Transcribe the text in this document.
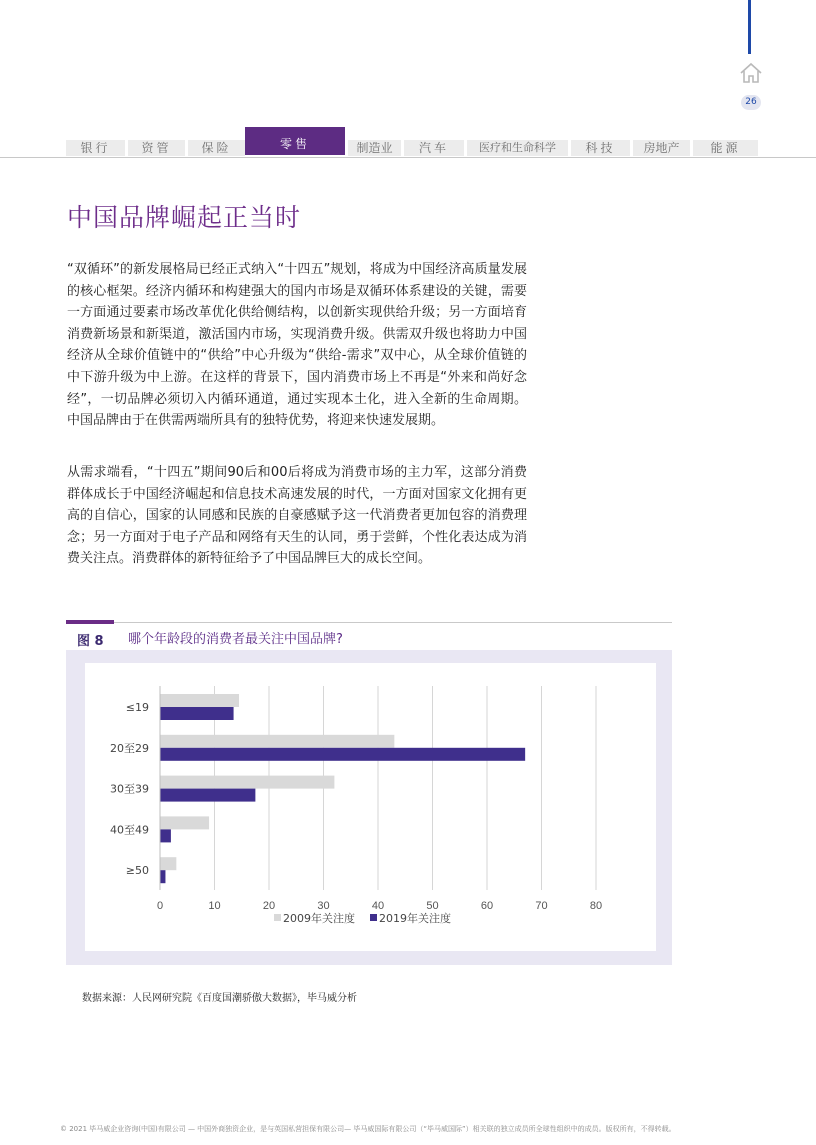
26
银行	资管	保险	零售	制造业	汽车	医疗和生命科学	科技	房地产	能源
中国品牌崛起正当时
“双循环”的新发展格局已经正式纳入“十四五”规划，将成为中国经济高质量发展的核心框架。经济内循环和构建强大的国内市场是双循环体系建设的关键，需要一方面通过要素市场改革优化供给侧结构，以创新实现供给升级；另一方面培育消费新场景和新渠道，激活国内市场，实现消费升级。供需双升级也将助力中国经济从全球价值链中的“供给”中心升级为“供给-需求”双中心，从全球价值链的中下游升级为中上游。在这样的背景下，国内消费市场上不再是“外来和尚好念经”，一切品牌必须切入内循环通道，通过实现本土化，进入全新的生命周期。中国品牌由于在供需两端所具有的独特优势，将迎来快速发展期。
从需求端看，“十四五”期间90后和00后将成为消费市场的主力军，这部分消费群体成长于中国经济崛起和信息技术高速发展的时代，一方面对国家文化拥有更高的自信心，国家的认同感和民族的自豪感赋予这一代消费者更加包容的消费理念；另一方面对于电子产品和网络有天生的认同，勇于尝鲜，个性化表达成为消费关注点。消费群体的新特征给予了中国品牌巨大的成长空间。
图 8 哪个年龄段的消费者最关注中国品牌?
0	10	20	30	40	50	60	70	80
≤19
20至29
30至39
40至49
≥50
2009年关注度 2019年关注度
数据来源：人民网研究院《百度国潮骄傲大数据》，毕马威分析
© 2021 毕马威企业咨询(中国)有限公司 — 中国外商独资企业，是与英国私营担保有限公司— 毕马威国际有限公司（“毕马威国际”）相关联的独立成员所全球性组织中的成员。版权所有，不得转载。
